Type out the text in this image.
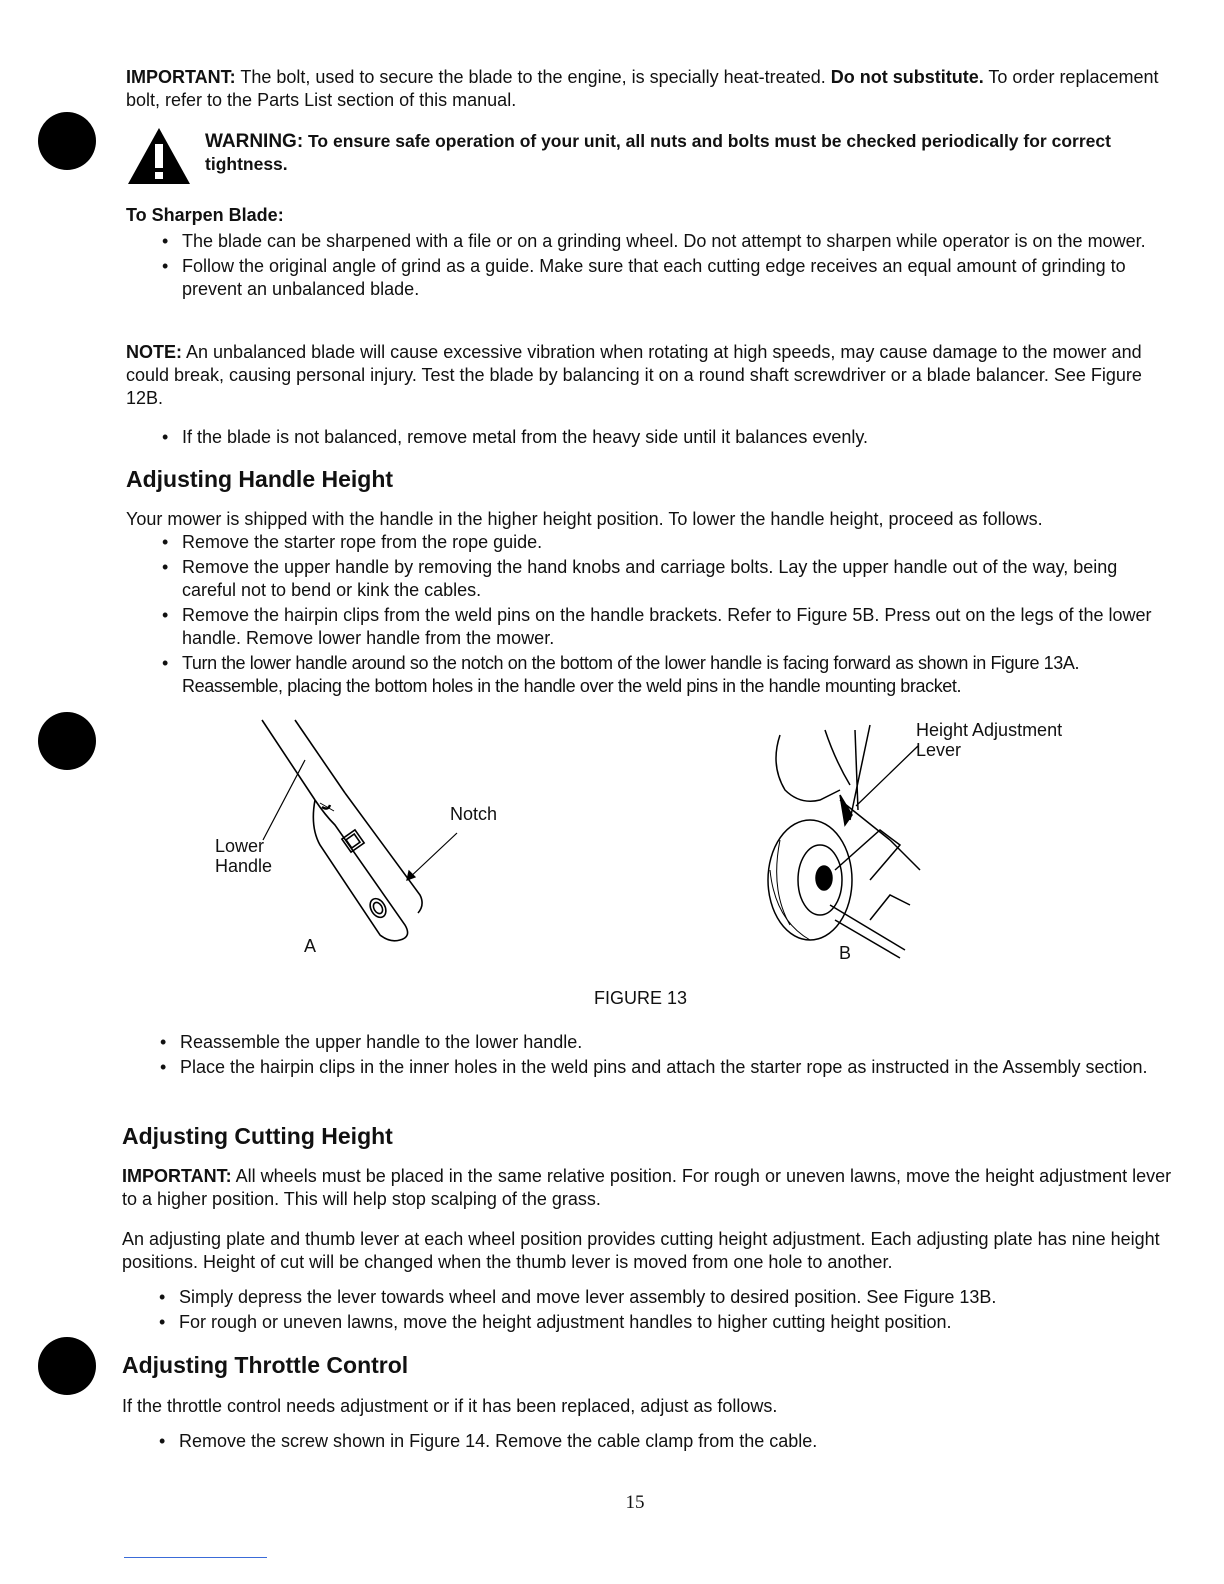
IMPORTANT: The bolt, used to secure the blade to the engine, is specially heat-treated. Do not substitute. To order replacement bolt, refer to the Parts List section of this manual.

WARNING: To ensure safe operation of your unit, all nuts and bolts must be checked periodically for correct tightness.

To Sharpen Blade:

• The blade can be sharpened with a file or on a grinding wheel. Do not attempt to sharpen while operator is on the mower.
• Follow the original angle of grind as a guide. Make sure that each cutting edge receives an equal amount of grinding to prevent an unbalanced blade.

NOTE: An unbalanced blade will cause excessive vibration when rotating at high speeds, may cause damage to the mower and could break, causing personal injury. Test the blade by balancing it on a round shaft screwdriver or a blade balancer. See Figure 12B.

• If the blade is not balanced, remove metal from the heavy side until it balances evenly.
Adjusting Handle Height

Your mower is shipped with the handle in the higher height position. To lower the handle height, proceed as follows.

• Remove the starter rope from the rope guide.
• Remove the upper handle by removing the hand knobs and carriage bolts. Lay the upper handle out of the way, being careful not to bend or kink the cables.
• Remove the hairpin clips from the weld pins on the handle brackets. Refer to Figure 5B. Press out on the legs of the lower handle. Remove lower handle from the mower.
• Turn the lower handle around so the notch on the bottom of the lower handle is facing forward as shown in Figure 13A. Reassemble, placing the bottom holes in the handle over the weld pins in the handle mounting bracket.
Lower
Handle
Notch
A
Height Adjustment
Lever
B
FIGURE 13
• Reassemble the upper handle to the lower handle.
• Place the hairpin clips in the inner holes in the weld pins and attach the starter rope as instructed in the Assembly section.
Adjusting Cutting Height

IMPORTANT: All wheels must be placed in the same relative position. For rough or uneven lawns, move the height adjustment lever to a higher position. This will help stop scalping of the grass.

An adjusting plate and thumb lever at each wheel position provides cutting height adjustment. Each adjusting plate has nine height positions. Height of cut will be changed when the thumb lever is moved from one hole to another.

• Simply depress the lever towards wheel and move lever assembly to desired position. See Figure 13B.
• For rough or uneven lawns, move the height adjustment handles to higher cutting height position.
Adjusting Throttle Control

If the throttle control needs adjustment or if it has been replaced, adjust as follows.

• Remove the screw shown in Figure 14. Remove the cable clamp from the cable.
15
